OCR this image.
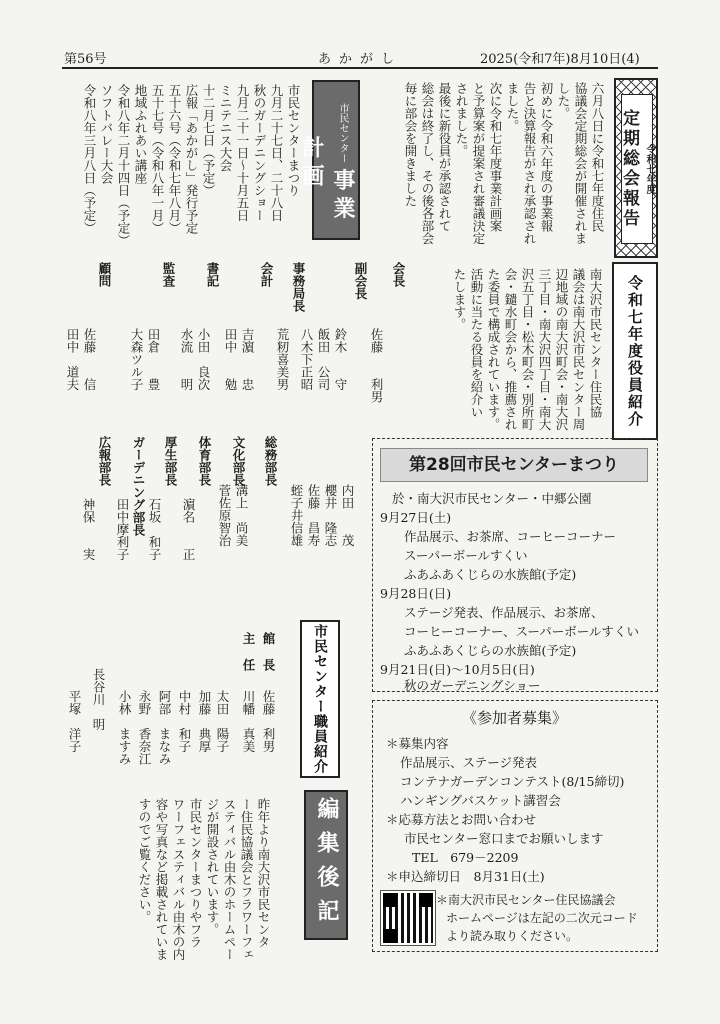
第56号	あかがし	2025(令和7年)8月10日(4)
令和七年度
定期総会報告
六月八日に令和七年度住民
協議会定期総会が開催されま
した。
初めに令和六年度の事業報
告と決算報告がされ承認され
ました。
次に令和七年度事業計画案
と予算案が提案され審議決定
されました。
最後に新役員が承認されて
総会は終了し、その後各部会
毎に部会を開きました
市民センター 事業計画
市民センターまつり
九月二十七日、二十八日
秋のガーデニングショー
九月二十一日〜十月五日
ミニテニス大会
十二月七日（予定）
広報「あかがし」発行予定
五十六号（令和七年八月）
五十七号（令和八年一月）
地域ふれあい講座
令和八年二月十四日（予定）
ソフトバレー大会
令和八年三月八日（予定）
令和七年度役員紹介
南大沢市民センター住民協
議会は南大沢市民センター周
辺地域の南大沢町会・南大沢
三丁目・南大沢四丁目・南大
沢五丁目・松木町会・別所町
会・鑓水町会から、推薦され
た委員で構成されています。
活動に当たる役員を紹介い
たします。
会長
佐藤　　利男
副会長
鈴木　　守
飯田　公司
八木下正昭
事務局長
荒籾喜美男
会計
吉濵　　忠
田中　　勉
書記
小田　良次
水流　　明
監査
田倉　　豊
大森ツル子
顧問
佐藤　　信
田中　道夫
総務部長
内田　　茂
櫻井　隆志
佐藤　昌寿
蛭子井信雄
文化部長
溝上　尚美
菅佐原智治
体育部長
濵名　　正
厚生部長
石坂　和子
ガーデニング部長
田中摩利子
広報部長
神保　　実
市民センター職員紹介
館長
佐藤　利男
主任
川幡　真美
太田　陽子
加藤　典厚
中村　和子
阿部　まなみ
永野　香奈江
小林　ますみ
長谷川　明
平塚　洋子
編集後記
昨年より南大沢市民センタ
ー住民協議会とフラワーフェ
スティバル由木のホームペー
ジが開設されています。
市民センターまつりやフラ
ワーフェスティバル由木の内
容や写真など掲載されていま
すのでご覧ください。
第28回市民センターまつり
於・南大沢市民センター・中郷公園
9月27日(土)
作品展示、お茶席、コーヒーコーナー
スーパーボールすくい
ふあふあくじらの水族館(予定)
9月28日(日)
ステージ発表、作品展示、お茶席、
コーヒーコーナー、スーパーボールすくい
ふあふあくじらの水族館(予定)
9月21日(日)〜10月5日(日)
秋のガーデニングショー
《参加者募集》
＊募集内容
作品展示、ステージ発表
コンテナガーデンコンテスト(8/15締切)
ハンギングバスケット講習会
＊応募方法とお問い合わせ
市民センター窓口までお願いします
TEL　679－2209
＊申込締切日　8月31日(土)
＊南大沢市民センター住民協議会
ホームページは左記の二次元コード
より読み取りください。
